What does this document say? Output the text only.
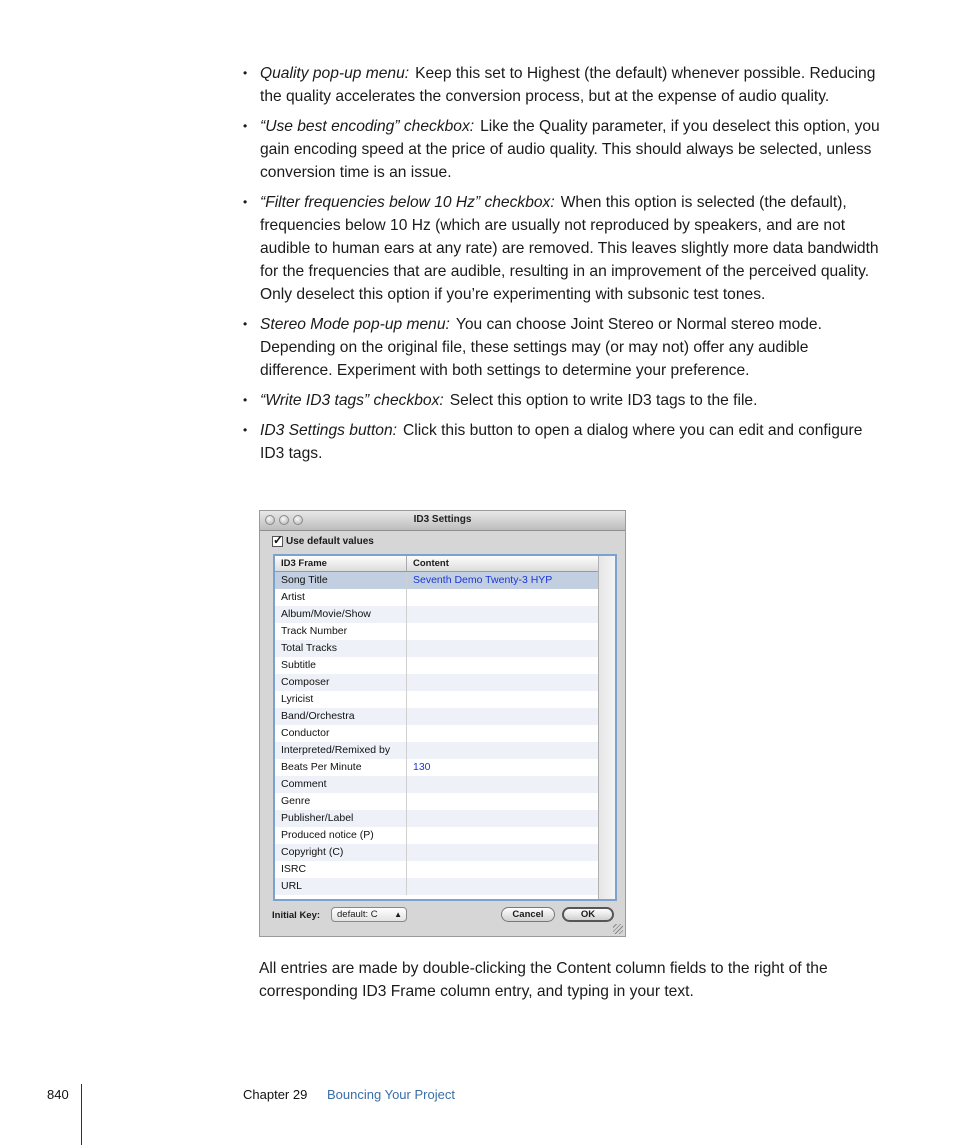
• Quality pop-up menu: Keep this set to Highest (the default) whenever possible. Reducing the quality accelerates the conversion process, but at the expense of audio quality.
• “Use best encoding” checkbox: Like the Quality parameter, if you deselect this option, you gain encoding speed at the price of audio quality. This should always be selected, unless conversion time is an issue.
• “Filter frequencies below 10 Hz” checkbox: When this option is selected (the default), frequencies below 10 Hz (which are usually not reproduced by speakers, and are not audible to human ears at any rate) are removed. This leaves slightly more data bandwidth for the frequencies that are audible, resulting in an improvement of the perceived quality. Only deselect this option if you’re experimenting with subsonic test tones.
• Stereo Mode pop-up menu: You can choose Joint Stereo or Normal stereo mode. Depending on the original file, these settings may (or may not) offer any audible difference. Experiment with both settings to determine your preference.
• “Write ID3 tags” checkbox: Select this option to write ID3 tags to the file.
• ID3 Settings button: Click this button to open a dialog where you can edit and configure ID3 tags.
ID3 Settings
✓
Use default values
ID3 Frame	Content
Song Title	Seventh Demo Twenty-3 HYP
Artist
Album/Movie/Show
Track Number
Total Tracks
Subtitle
Composer
Lyricist
Band/Orchestra
Conductor
Interpreted/Remixed by
Beats Per Minute	130
Comment
Genre
Publisher/Label
Produced notice (P)
Copyright (C)
ISRC
URL
Initial Key:	default: C ▲	Cancel	OK

All entries are made by double-clicking the Content column fields to the right of the corresponding ID3 Frame column entry, and typing in your text.

840	Chapter 29 Bouncing Your Project
